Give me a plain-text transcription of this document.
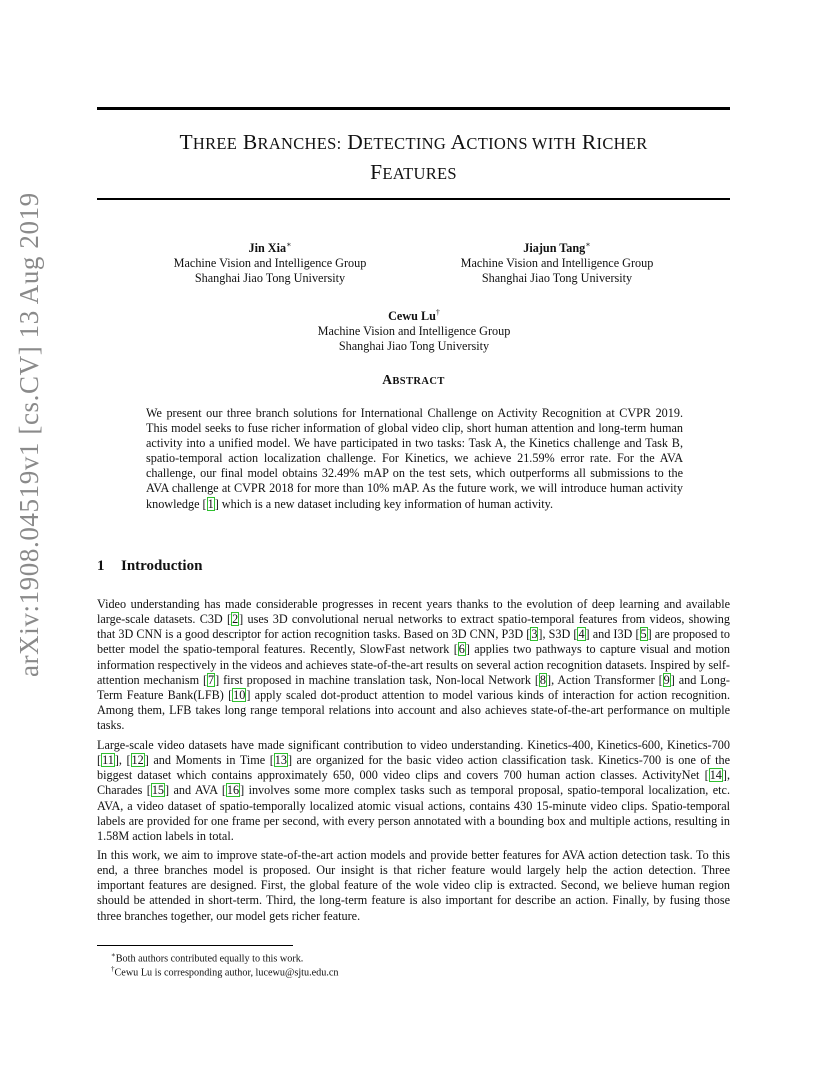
arXiv:1908.04519v1 [cs.CV] 13 Aug 2019
THREE BRANCHES: DETECTING ACTIONS WITH RICHER
FEATURES
Jin Xia∗
Machine Vision and Intelligence Group
Shanghai Jiao Tong University
Jiajun Tang∗
Machine Vision and Intelligence Group
Shanghai Jiao Tong University
Cewu Lu†
Machine Vision and Intelligence Group
Shanghai Jiao Tong University
ABSTRACT

We present our three branch solutions for International Challenge on Activity Recognition at CVPR 2019. This model seeks to fuse richer information of global video clip, short human attention and long-term human activity into a unified model. We have participated in two tasks: Task A, the Kinetics challenge and Task B, spatio-temporal action localization challenge. For Kinetics, we achieve 21.59% error rate. For the AVA challenge, our final model obtains 32.49% mAP on the test sets, which outperforms all submissions to the AVA challenge at CVPR 2018 for more than 10% mAP. As the future work, we will introduce human activity knowledge [1] which is a new dataset including key information of human activity.

1 Introduction

Video understanding has made considerable progresses in recent years thanks to the evolution of deep learning and available large-scale datasets. C3D [2] uses 3D convolutional nerual networks to extract spatio-temporal features from videos, showing that 3D CNN is a good descriptor for action recognition tasks. Based on 3D CNN, P3D [3], S3D [4] and I3D [5] are proposed to better model the spatio-temporal features. Recently, SlowFast network [6] applies two pathways to capture visual and motion information respectively in the videos and achieves state-of-the-art results on several action recognition datasets. Inspired by self-attention mechanism [7] first proposed in machine translation task, Non-local Network [8], Action Transformer [9] and Long-Term Feature Bank(LFB) [10] apply scaled dot-product attention to model various kinds of interaction for action recognition. Among them, LFB takes long range temporal relations into account and also achieves state-of-the-art performance on multiple tasks.

Large-scale video datasets have made significant contribution to video understanding. Kinetics-400, Kinetics-600, Kinetics-700 [11], [12] and Moments in Time [13] are organized for the basic video action classification task. Kinetics-700 is one of the biggest dataset which contains approximately 650, 000 video clips and covers 700 human action classes. ActivityNet [14], Charades [15] and AVA [16] involves some more complex tasks such as temporal proposal, spatio-temporal localization, etc. AVA, a video dataset of spatio-temporally localized atomic visual actions, contains 430 15-minute video clips. Spatio-temporal labels are provided for one frame per second, with every person annotated with a bounding box and multiple actions, resulting in 1.58M action labels in total.

In this work, we aim to improve state-of-the-art action models and provide better features for AVA action detection task. To this end, a three branches model is proposed. Our insight is that richer feature would largely help the action detection. Three important features are designed. First, the global feature of the wole video clip is extracted. Second, we believe human region should be attended in short-term. Third, the long-term feature is also important for describe an action. Finally, by fusing those three branches together, our model gets richer feature.

∗Both authors contributed equally to this work.
†Cewu Lu is corresponding author, lucewu@sjtu.edu.cn
